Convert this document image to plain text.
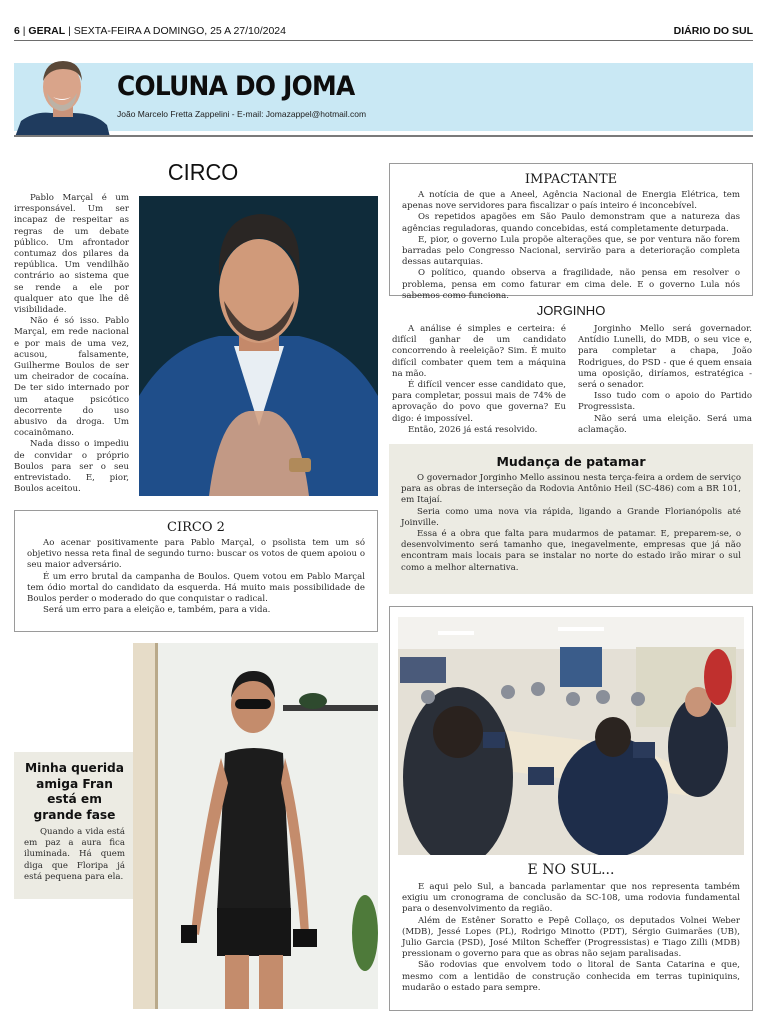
6 | GERAL | SEXTA-FEIRA A DOMINGO, 25 A 27/10/2024	DIÁRIO DO SUL
COLUNA DO JOMA
João Marcelo Fretta Zappelini - E-mail: Jomazappel@hotmail.com
CIRCO

Pablo Marçal é um irresponsável. Um ser incapaz de respeitar as regras de um debate público. Um afrontador contumaz dos pilares da república. Um vendilhão contrário ao sistema que se rende a ele por qualquer ato que lhe dê visibilidade.

Não é só isso. Pablo Marçal, em rede nacional e por mais de uma vez, acusou, falsamente, Guilherme Boulos de ser um cheirador de cocaína. De ter sido internado por um ataque psicótico decorrente do uso abusivo da droga. Um cocainômano.

Nada disso o impediu de convidar o próprio Boulos para ser o seu entrevistado. E, pior, Boulos aceitou.

CIRCO 2

Ao acenar positivamente para Pablo Marçal, o psolista tem um só objetivo nessa reta final de segundo turno: buscar os votos de quem apoiou o seu maior adversário.

É um erro brutal da campanha de Boulos. Quem votou em Pablo Marçal tem ódio mortal do candidato da esquerda. Há muito mais possibilidade de Boulos perder o moderado do que conquistar o radical.

Será um erro para a eleição e, também, para a vida.

IMPACTANTE

A notícia de que a Aneel, Agência Nacional de Energia Elétrica, tem apenas nove servidores para fiscalizar o país inteiro é inconcebível.

Os repetidos apagões em São Paulo demonstram que a natureza das agências reguladoras, quando concebidas, está completamente deturpada.

E, pior, o governo Lula propõe alterações que, se por ventura não forem barradas pelo Congresso Nacional, servirão para a deterioração completa dessas autarquias.

O político, quando observa a fragilidade, não pensa em resolver o problema, pensa em como faturar em cima dele. E o governo Lula nós sabemos como funciona.

JORGINHO

A análise é simples e certeira: é difícil ganhar de um candidato concorrendo à reeleição? Sim. É muito difícil combater quem tem a máquina na mão.

É difícil vencer esse candidato que, para completar, possui mais de 74% de aprovação do povo que governa? Eu digo: é impossível.

Então, 2026 já está resolvido.

Jorginho Mello será governador. Antídio Lunelli, do MDB, o seu vice e, para completar a chapa, João Rodrigues, do PSD - que é quem ensaia uma oposição, diríamos, estratégica - será o senador.

Isso tudo com o apoio do Partido Progressista.

Não será uma eleição. Será uma aclamação.

Mudança de patamar

O governador Jorginho Mello assinou nesta terça-feira a ordem de serviço para as obras de interseção da Rodovia Antônio Heil (SC-486) com a BR 101, em Itajaí.

Seria como uma nova via rápida, ligando a Grande Florianópolis até Joinville.

Essa é a obra que falta para mudarmos de patamar. E, preparem-se, o desenvolvimento será tamanho que, inegavelmente, empresas que já não encontram mais locais para se instalar no norte do estado irão mirar o sul como a melhor alternativa.

Minha querida amiga Fran está em grande fase

Quando a vida está em paz a aura fica iluminada. Há quem diga que Floripa já está pequena para ela.	E NO SUL...

E aqui pelo Sul, a bancada parlamentar que nos representa também exigiu um cronograma de conclusão da SC-108, uma rodovia fundamental para o desenvolvimento da região.

Além de Estêner Soratto e Pepê Collaço, os deputados Volnei Weber (MDB), Jessé Lopes (PL), Rodrigo Minotto (PDT), Sérgio Guimarães (UB), Julio Garcia (PSD), José Milton Scheffer (Progressistas) e Tiago Zilli (MDB) pressionam o governo para que as obras não sejam paralisadas.

São rodovias que envolvem todo o litoral de Santa Catarina e que, mesmo com a lentidão de construção conhecida em terras tupiniquins, mudarão o estado para sempre.
